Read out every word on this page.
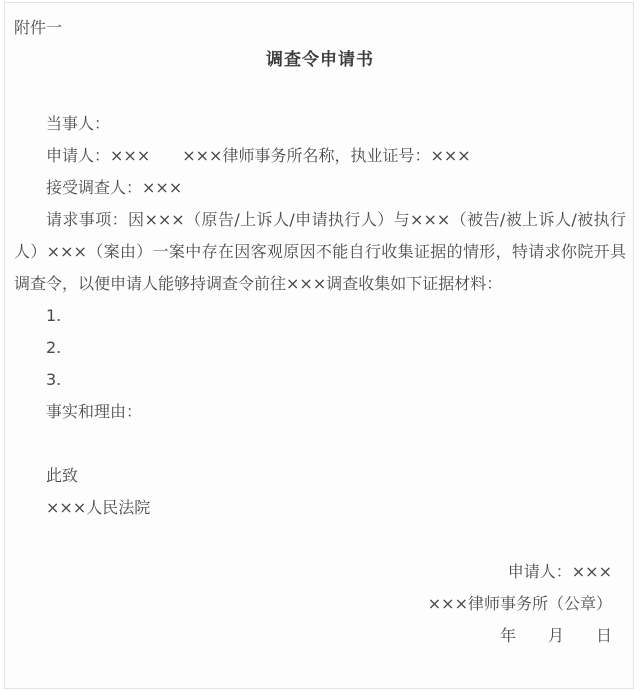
附件一

调查令申请书

当事人：

申请人：×××　　×××律师事务所名称，执业证号：×××

接受调查人：×××

请求事项：因×××（原告/上诉人/申请执行人）与×××（被告/被上诉人/被执行人）×××（案由）一案中存在因客观原因不能自行收集证据的情形，特请求你院开具调查令，以便申请人能够持调查令前往×××调查收集如下证据材料：

1.

2.

3.

事实和理由：

此致

×××人民法院

申请人：×××

×××律师事务所（公章）

年　　月　　日
